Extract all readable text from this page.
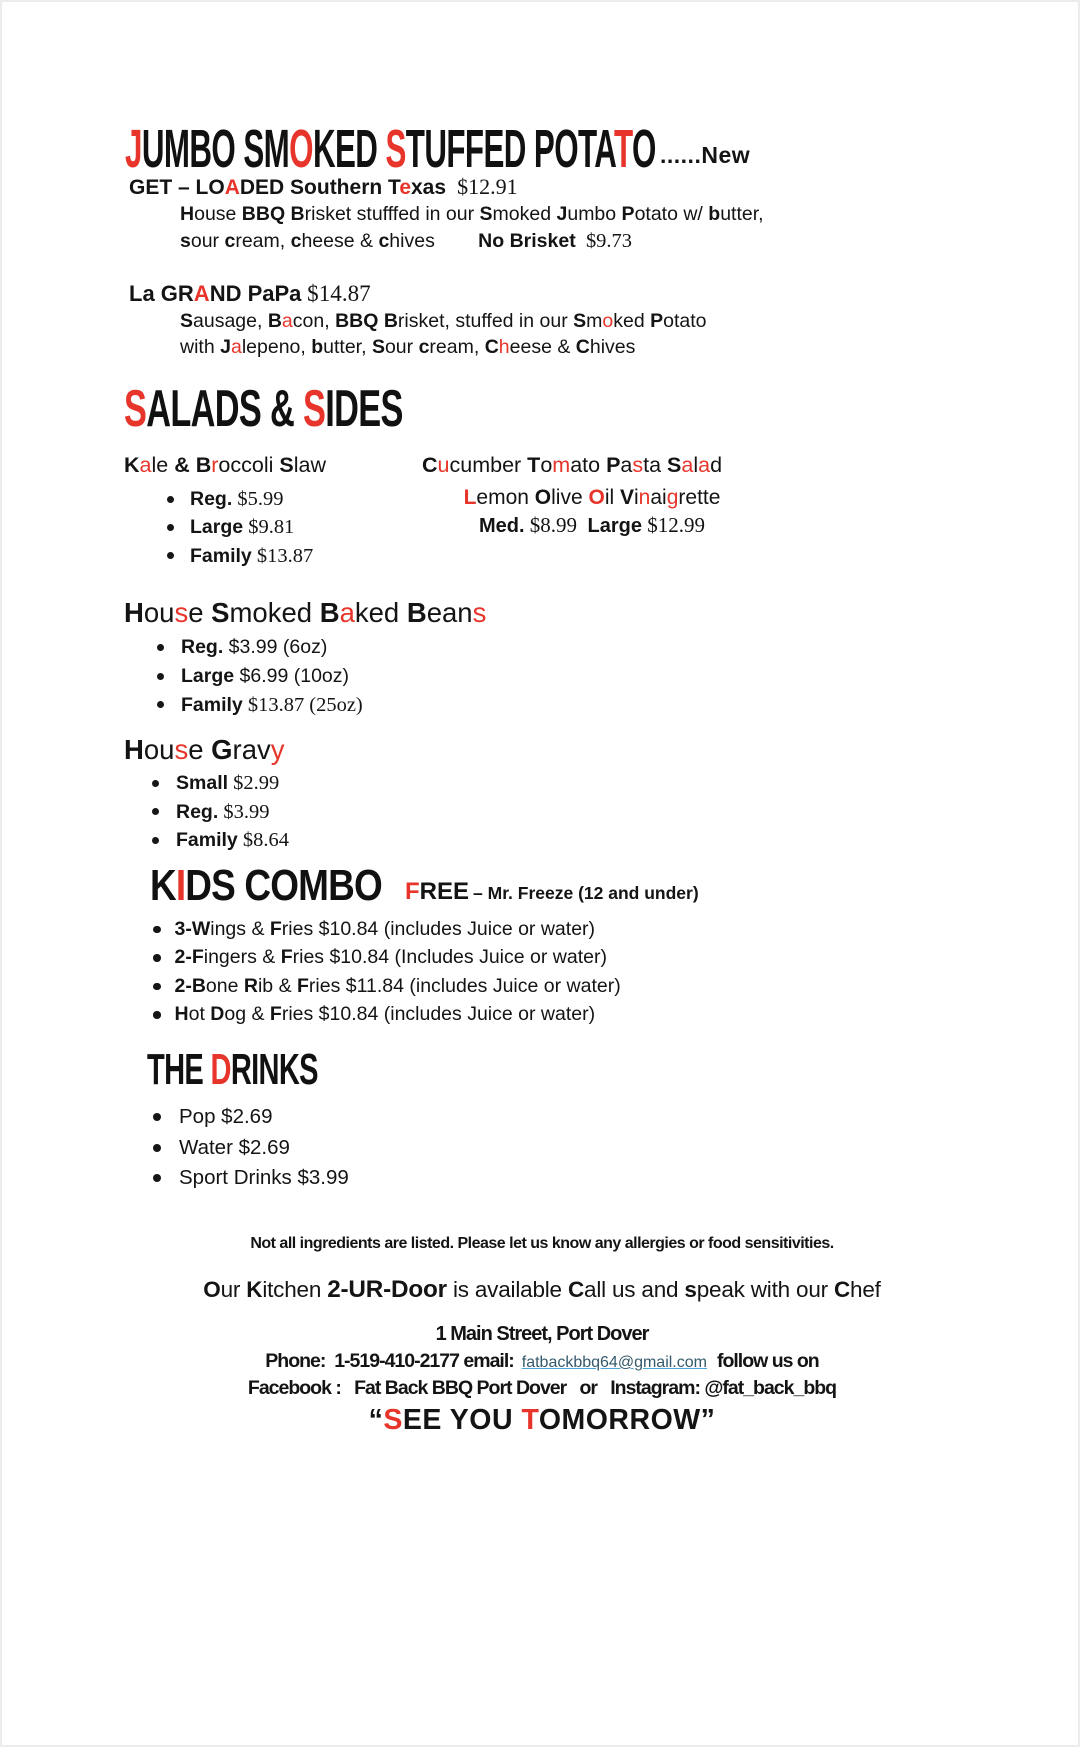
JUMBO SMOKED STUFFED POTATO ......New
GET – LOADED Southern Texas  $12.91
House BBQ Brisket stufffed in our Smoked Jumbo Potato w/ butter,
sour cream, cheese & chives        No Brisket  $9.73
La GRAND PaPa $14.87
Sausage, Bacon, BBQ Brisket, stuffed in our Smoked Potato
with Jalepeno, butter, Sour cream, Cheese & Chives
SALADS & SIDES
Kale & Broccoli Slaw
Reg. $5.99
Large $9.81
Family $13.87
Cucumber Tomato Pasta Salad
Lemon Olive Oil Vinaigrette
Med. $8.99  Large $12.99
House Smoked Baked Beans
Reg. $3.99 (6oz)
Large $6.99 (10oz)
Family $13.87 (25oz)
House Gravy
Small $2.99
Reg. $3.99
Family $8.64
KIDS COMBO FREE – Mr. Freeze (12 and under)
3-Wings & Fries $10.84 (includes Juice or water)
2-Fingers & Fries $10.84 (Includes Juice or water)
2-Bone Rib & Fries $11.84 (includes Juice or water)
Hot Dog & Fries $10.84 (includes Juice or water)
THE DRINKS
Pop $2.69
Water $2.69
Sport Drinks $3.99
Not all ingredients are listed. Please let us know any allergies or food sensitivities.
Our Kitchen 2-UR-Door is available Call us and speak with our Chef
1 Main Street, Port Dover
Phone:  1-519-410-2177 email: fatbackbbq64@gmail.com follow us on
Facebook :   Fat Back BBQ Port Dover   or   Instagram: @fat_back_bbq
“SEE YOU TOMORROW”
